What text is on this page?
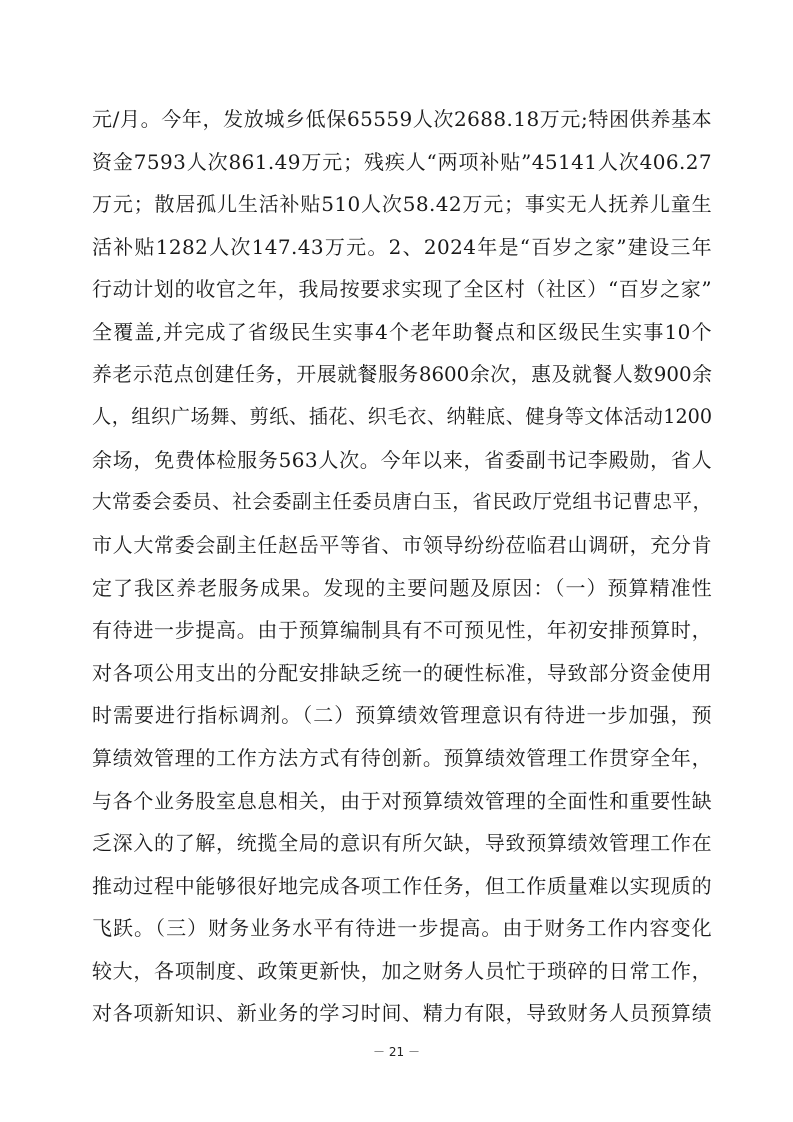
元/月。今年，发放城乡低保65559人次2688.18万元;特困供养基本
资金7593人次861.49万元；残疾人“两项补贴”45141人次406.27
万元；散居孤儿生活补贴510人次58.42万元；事实无人抚养儿童生
活补贴1282人次147.43万元。2、2024年是“百岁之家”建设三年
行动计划的收官之年，我局按要求实现了全区村（社区）“百岁之家”
全覆盖,并完成了省级民生实事4个老年助餐点和区级民生实事10个
养老示范点创建任务，开展就餐服务8600余次，惠及就餐人数900余
人，组织广场舞、剪纸、插花、织毛衣、纳鞋底、健身等文体活动1200
余场，免费体检服务563人次。今年以来，省委副书记李殿勋，省人
大常委会委员、社会委副主任委员唐白玉，省民政厅党组书记曹忠平，
市人大常委会副主任赵岳平等省、市领导纷纷莅临君山调研，充分肯
定了我区养老服务成果。发现的主要问题及原因：（一）预算精准性
有待进一步提高。由于预算编制具有不可预见性，年初安排预算时，
对各项公用支出的分配安排缺乏统一的硬性标准，导致部分资金使用
时需要进行指标调剂。（二）预算绩效管理意识有待进一步加强，预
算绩效管理的工作方法方式有待创新。预算绩效管理工作贯穿全年，
与各个业务股室息息相关，由于对预算绩效管理的全面性和重要性缺
乏深入的了解，统揽全局的意识有所欠缺，导致预算绩效管理工作在
推动过程中能够很好地完成各项工作任务，但工作质量难以实现质的
飞跃。（三）财务业务水平有待进一步提高。由于财务工作内容变化
较大，各项制度、政策更新快，加之财务人员忙于琐碎的日常工作，
对各项新知识、新业务的学习时间、精力有限，导致财务人员预算绩
－ 21 －
